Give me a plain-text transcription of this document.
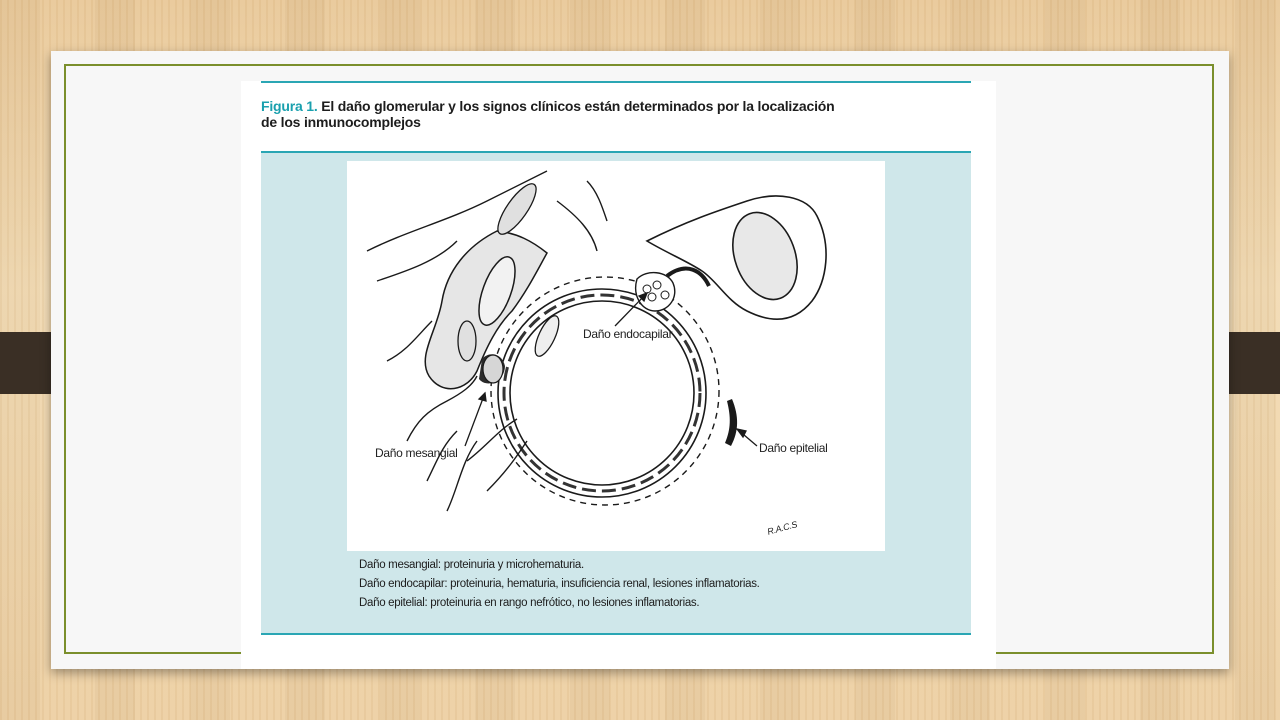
Figura 1. El daño glomerular y los signos clínicos están determinados por la localización
de los inmunocomplejos
Daño endocapilar
Daño mesangial	Daño epitelial
R.A.C.S
Daño mesangial: proteinuria y microhematuria.
Daño endocapilar: proteinuria, hematuria, insuficiencia renal, lesiones inflamatorias.
Daño epitelial: proteinuria en rango nefrótico, no lesiones inflamatorias.
